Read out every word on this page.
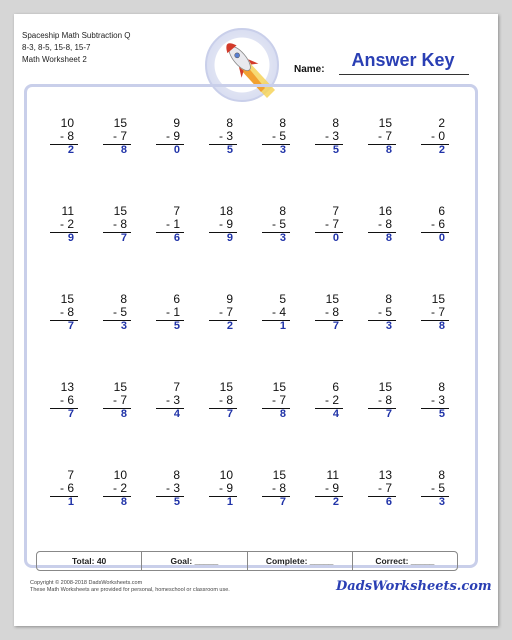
Spaceship Math Subtraction Q
8-3, 8-5, 15-8, 15-7
Math Worksheet 2
Name:	Answer Key
10
- 8
2
15
- 7
8
9
- 9
0
8
- 3
5
8
- 5
3
8
- 3
5
15
- 7
8
2
- 0
2
11
- 2
9
15
- 8
7
7
- 1
6
18
- 9
9
8
- 5
3
7
- 7
0
16
- 8
8
6
- 6
0
15
- 8
7
8
- 5
3
6
- 1
5
9
- 7
2
5
- 4
1
15
- 8
7
8
- 5
3
15
- 7
8
13
- 6
7
15
- 7
8
7
- 3
4
15
- 8
7
15
- 7
8
6
- 2
4
15
- 8
7
8
- 3
5
7
- 6
1
10
- 2
8
8
- 3
5
10
- 9
1
15
- 8
7
11
- 9
2
13
- 7
6
8
- 5
3
Total: 40	Goal: _____	Complete: _____	Correct: _____
Copyright © 2008-2018 DadsWorksheets.com
These Math Worksheets are provided for personal, homeschool or classroom use.	DadsWorksheets.com
